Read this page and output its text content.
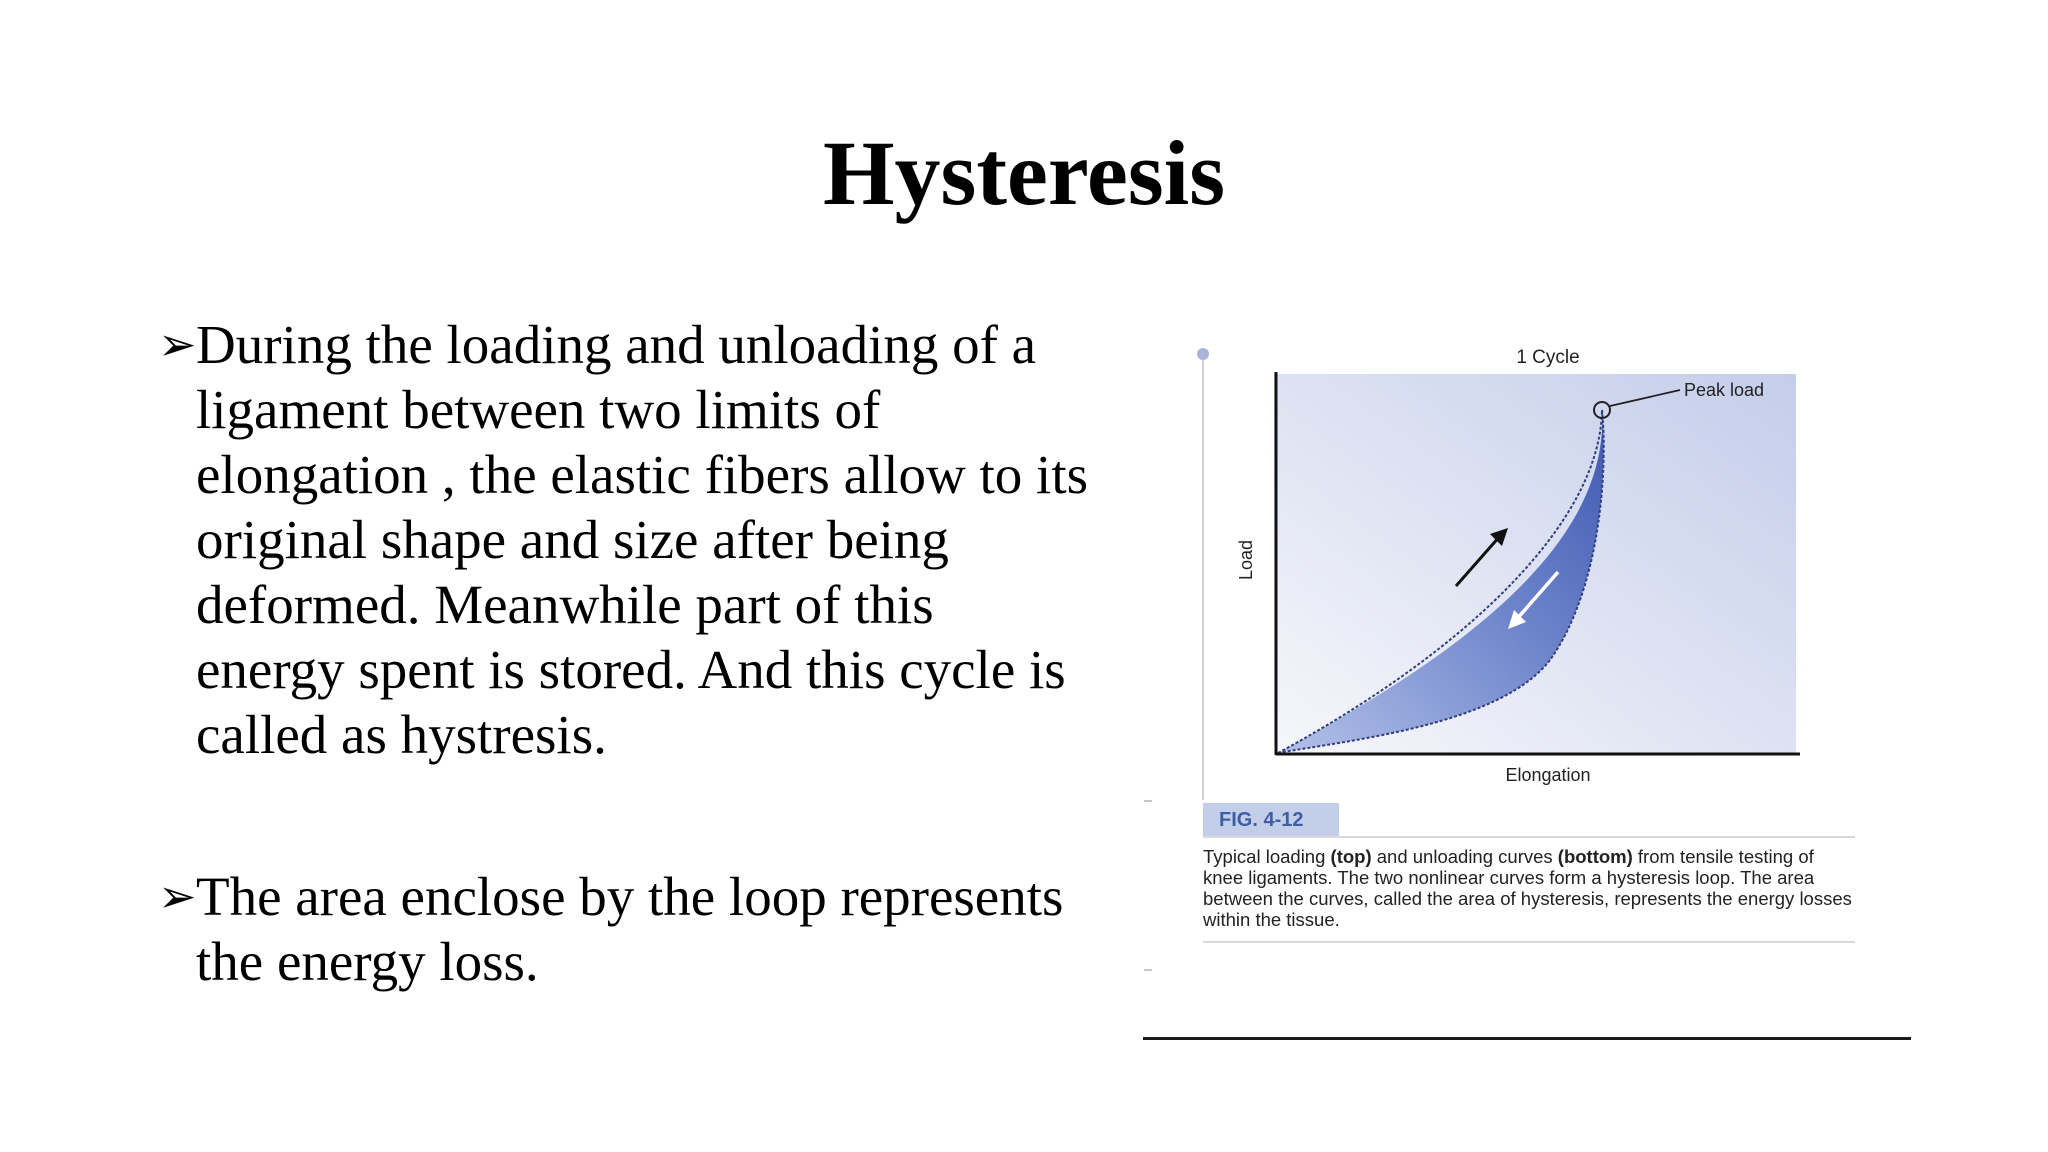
Hysteresis
➢ During the loading and unloading of a ligament between two limits of elongation , the elastic fibers allow to its original shape and size after being deformed. Meanwhile part of this energy spent is stored. And this cycle is called as hystresis.
➢ The area enclose by the loop represents the energy loss.
Peak load
1 Cycle
Load
Elongation
FIG. 4-12

Typical loading (top) and unloading curves (bottom) from tensile testing of knee ligaments. The two nonlinear curves form a hysteresis loop. The area between the curves, called the area of hysteresis, represents the energy losses within the tissue.
